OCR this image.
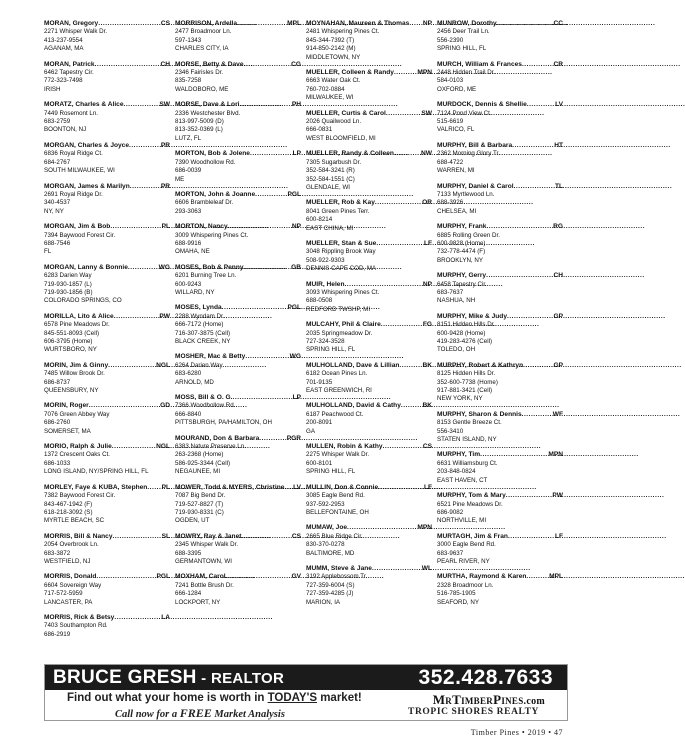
MORAN, Gregory .....	CS
2271 Whisper Walk Dr.
413-237-9554
AGANAM, MA
MORAN, Patrick .....	CH
6462 Tapestry Cir.
772-323-7498
IRISH
MORATZ, Charles & Alice .....	SW
7449 Rosemont Ln.
683-2759
BOONTON, NJ
MORGAN, Charles & Joyce .....	PR
6836 Royal Ridge Ct.
684-2767
SOUTH MILWAUKEE, WI
MORGAN, James & Marilyn .....	PR
2691 Royal Ridge Dr.
340-4537
NY, NY
MORGAN, Jim & Bob .....	PL
7394 Baywood Forest Cir.
688-7546
FL
MORGAN, Lanny & Bonnie .....	WG
6283 Darien Way
719-930-1857 (L)
719-930-1856 (B)
COLORADO SPRINGS, CO
MORILLA, Lito & Alice .....	PW
6578 Pine Meadows Dr.
845-551-8093 (Cell)
606-3795 (Home)
WURTSBORO, NY
MORIN, Jim & Ginny .....	NGL
7485 Willow Brook Dr.
686-8737
QUEENSBURY, NY
MORIN, Roger .....	GD
7076 Green Abbey Way
686-2760
SOMERSET, MA
MORIO, Ralph & Julie .....	NGL
1372 Crescent Oaks Ct.
686-1033
LONG ISLAND, NY/SPRING HILL, FL
MORLEY, Faye & KUBA, Stephen ..... PL
7382 Baywood Forest Cir.
843-467-1942 (F)
618-218-3092 (S)
MYRTLE BEACH, SC
MORRIS, Bill & Nancy .....	SL
2054 Overbrook Ln.
683-3872
WESTFIELD, NJ
MORRIS, Donald .....	PGL
6604 Sovereign Way
717-572-5959
LANCASTER, PA
MORRIS, Rick & Betsy .....	LA
7403 Southampton Rd.
686-2919
MORRISON, Ardella .....	MPL
2477 Broadmoor Ln.
597-1343
CHARLES CITY, IA
MORSE, Betty & Dave .....	CG
2346 Fairisles Dr.
835-7258
WALDOBORO, ME
MORSE, Dave & Lori .....	PH
2336 Westchester Blvd.
813-997-5009 (D)
813-352-0369 (L)
LUTZ, FL
MORTON, Bob & Jolene .....	LP
7390 Woodhollow Rd.
686-0039
ME
MORTON, John & Joanne .....	PGL
6606 Brambleleaf Dr.
293-3063
MORTON, Nancy .....	NP
3009 Whispering Pines Ct.
688-9916
OMAHA, NE
MOSES, Bob & Penny .....	GB
6201 Burning Tree Ln.
600-9243
WILLARD, NY
MOSES, Lynda .....	PGL
2288 Wyndam Dr.
666-7172 (Home)
716-307-3875 (Cell)
BLACK CREEK, NY
MOSHER, Mac & Betty .....	WG
6264 Darien Way
683-6280
ARNOLD, MD
MOSS, Bill & O. G. .....	LP
7366 Woodhollow Rd.
666-8840
PITTSBURGH, PA/HAMILTON, OH
MOURAND, Don & Barbara .....	PGR
6383 Nature Preserve Ln.
263-2368 (Home)
586-925-3344 (Cell)
NEGAUNEE, MI
MOWER, Todd & MYERS, Christine ..... LV
7087 Big Bend Dr.
719-527-8827 (T)
719-930-8331 (C)
OGDEN, UT
MOWRY, Ray & Janet .....	CS
2345 Whisper Walk Dr.
688-3395
GERMANTOWN, WI
MOXHAM, Carol .....	GV
7241 Bottle Brush Dr.
666-1284
LOCKPORT, NY
MOYNAHAN, Maureen & Thomas ..... NP
2481 Whispering Pines Ct.
845-344-7392 (T)
914-850-2142 (M)
MIDDLETOWN, NY
MUELLER, Colleen & Randy .....	MPN
6663 Water Oak Ct.
760-702-0884
MILWAUKEE, WI
MUELLER, Curtis & Carol .....	SW
2026 Quailwood Ln.
666-0831
WEST BLOOMFIELD, MI
MUELLER, Randy & Colleen .....	NW
7305 Sugarbush Dr.
352-584-3241 (R)
352-584-1551 (C)
GLENDALE, WI
MUELLER, Rob & Kay .....	OR
8041 Green Pines Terr.
600-8214
EAST CHINA, MI
MUELLER, Stan & Sue .....	LF
3048 Rippling Brook Way
508-922-9303
DENNIS CAPE COD, MA
MUIR, Helen .....	NP
3093 Whispering Pines Ct.
688-0508
REDFORD TWSHP, MI
MULCAHY, Phil & Claire .....	FG
2035 Springmeadow Dr.
727-324-3528
SPRING HILL, FL
MULHOLLAND, Dave & Lillian .....	BK
6182 Ocean Pines Ln.
701-9135
EAST GREENWICH, RI
MULHOLLAND, David & Cathy .....	BK
6187 Peachwood Ct.
200-8091
GA
MULLEN, Robin & Kathy .....	CS
2275 Whisper Walk Dr.
600-8101
SPRING HILL, FL
MULLIN, Don & Connie .....	LF
3085 Eagle Bend Rd.
937-592-2953
BELLEFONTAINE, OH
MUMAW, Joe .....	MPN
2665 Blue Ridge Cir.
830-370-0278
BALTIMORE, MD
MUMM, Steve & Jane .....	WL
3192 Applebossom Tr.
727-359-6004 (S)
727-359-4285 (J)
MARION, IA
MUNROW, Dorothy .....	CC
2456 Deer Trail Ln.
556-2390
SPRING HILL, FL
MURCH, William & Frances .....	CR
2448 Hidden Trail Dr.
584-0103
OXFORD, ME
MURDOCK, Dennis & Shellie .....	LV
7124 Pond View Ct.
515-6619
VALRICO, FL
MURPHY, Bill & Barbara .....	HT
2362 Morning Glory Tr.
688-4722
WARREN, MI
MURPHY, Daniel & Carol .....	TL
7133 Myrtlewood Ln.
688-3926
CHELSEA, MI
MURPHY, Frank .....	RG
6885 Rolling Green Dr.
600-9828 (Home)
732-778-4474 (F)
BROOKLYN, NY
MURPHY, Gerry .....	CH
6458 Tapestry Cir.
683-7637
NASHUA, NH
MURPHY, Mike & Judy .....	GP
8151 Hidden Hills Dr.
600-9428 (Home)
419-283-4276 (Cell)
TOLEDO, OH
MURPHY, Robert & Kathryn .....	GP
8125 Hidden Hills Dr.
352-600-7738 (Home)
917-881-3421 (Cell)
NEW YORK, NY
MURPHY, Sharon & Dennis .....	WF
8153 Gentle Breeze Ct.
556-3410
STATEN ISLAND, NY
MURPHY, Tim .....	MPN
6631 Williamsburg Ct.
203-848-0824
EAST HAVEN, CT
MURPHY, Tom & Mary .....	PW
6521 Pine Meadows Dr.
686-9082
NORTHVILLE, MI
MURTAGH, Jim & Fran .....	LF
3000 Eagle Bend Rd.
683-9637
PEARL RIVER, NY
MURTHA, Raymond & Karen .....	MPL
2328 Broadmoor Ln.
516-785-1905
SEAFORD, NY
BRUCE GRESH - REALTOR	352.428.7633
Find out what your home is worth in TODAY'S market!
Call now for a FREE Market Analysis
MrTimberPines.com
TROPIC SHORES REALTY
Timber Pines • 2019 • 47
